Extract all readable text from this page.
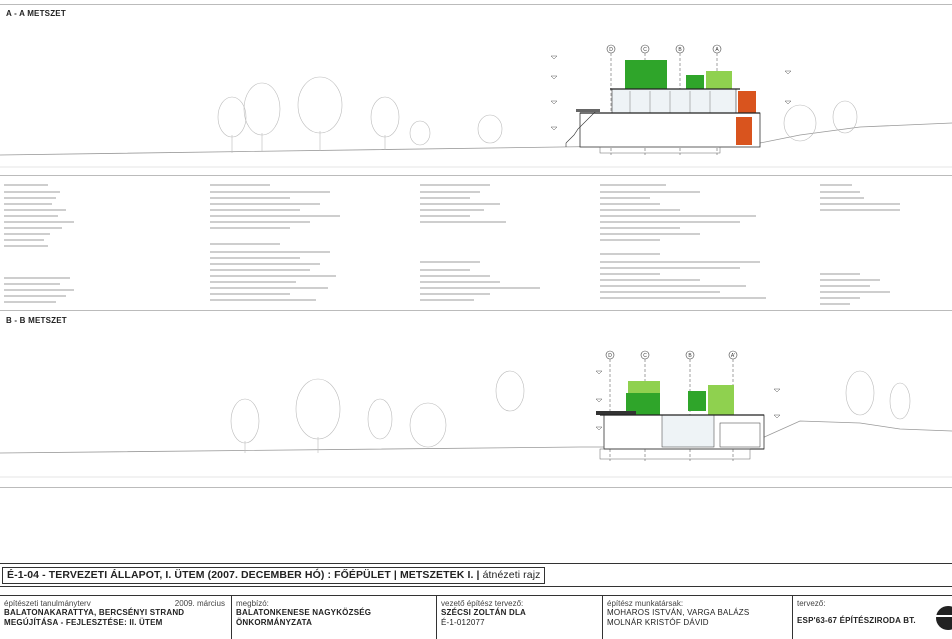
A - A METSZET
D	C	B	A
B - B METSZET
D	C	B	A'
É-1-04 - TERVEZETI ÁLLAPOT, I. ÜTEM (2007. DECEMBER HÓ) : FŐÉPÜLET | METSZETEK I. | átnézeti rajz
építészeti tanulmányterv	2009. március
BALATONAKARATTYA, BERCSÉNYI STRAND
MEGÚJÍTÁSA - FEJLESZTÉSE: II. ÜTEM
megbízó:
BALATONKENESE NAGYKÖZSÉG
ÖNKORMÁNYZATA
vezető építész tervező:
SZÉCSI ZOLTÁN DLA
É-1-012077
építész munkatársak:
MOHAROS ISTVÁN, VARGA BALÁZS
MOLNÁR KRISTÓF DÁVID
tervező:
ESP'63-67 ÉPÍTÉSZIRODA BT.
